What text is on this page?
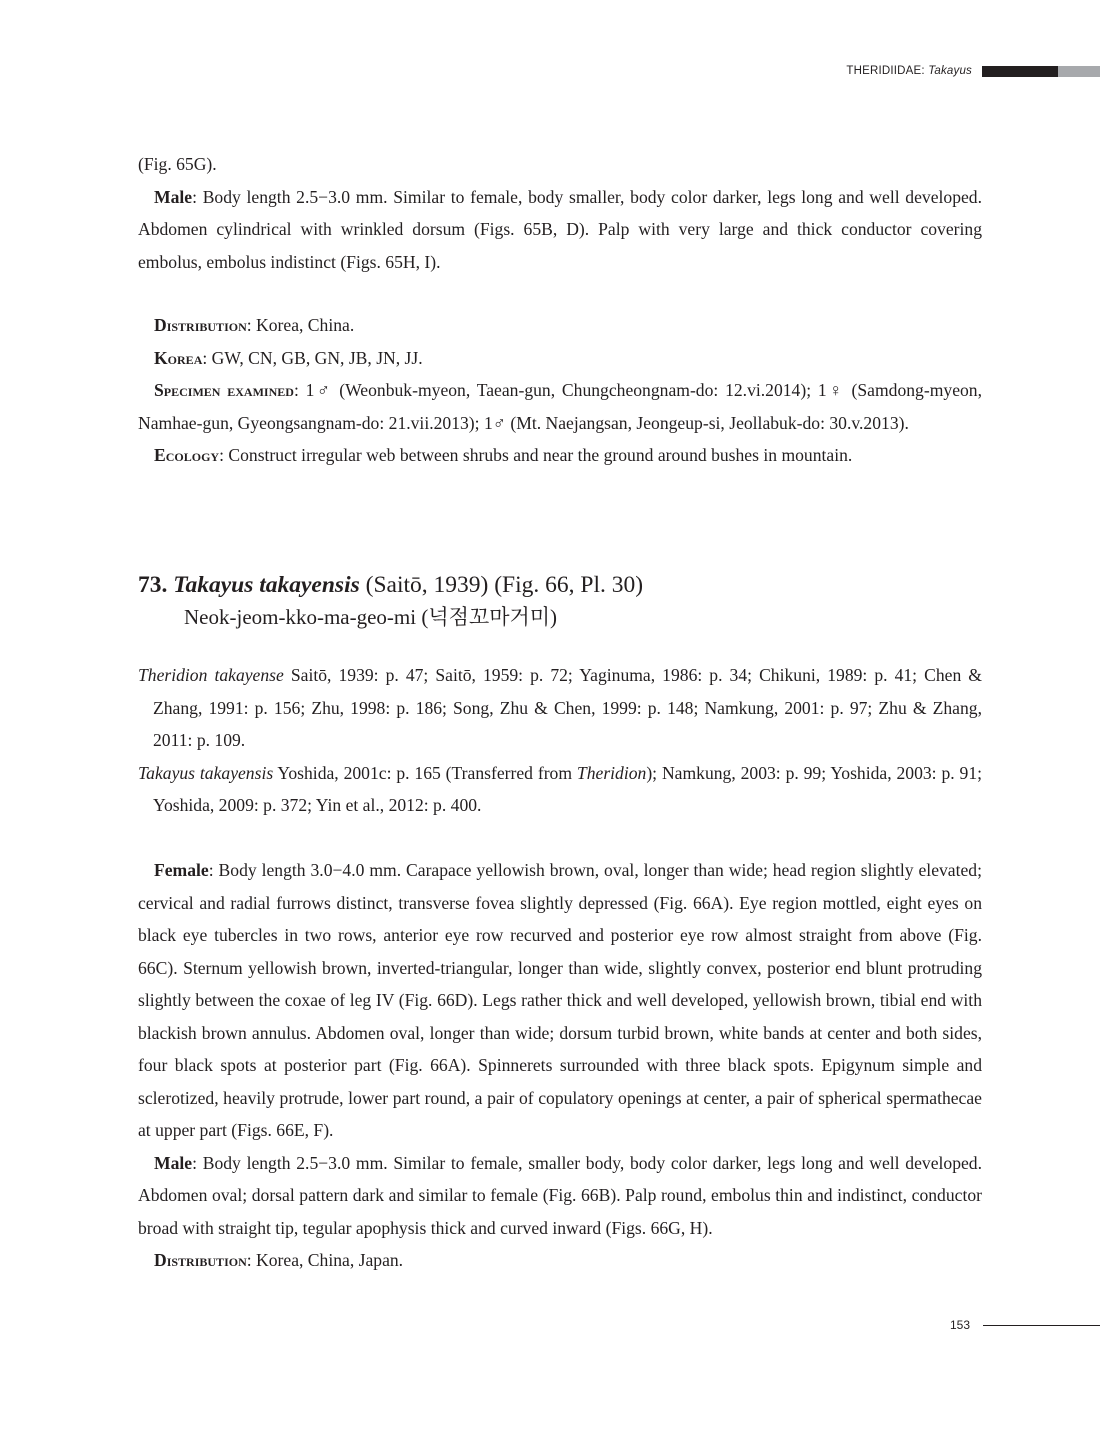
THERIDIIDAE: Takayus

(Fig. 65G).

Male: Body length 2.5−3.0 mm. Similar to female, body smaller, body color darker, legs long and well developed. Abdomen cylindrical with wrinkled dorsum (Figs. 65B, D). Palp with very large and thick conductor covering embolus, embolus indistinct (Figs. 65H, I).

Distribution: Korea, China.

Korea: GW, CN, GB, GN, JB, JN, JJ.

Specimen examined: 1♂ (Weonbuk-myeon, Taean-gun, Chungcheongnam-do: 12.vi.2014); 1♀ (Samdong-myeon, Namhae-gun, Gyeongsangnam-do: 21.vii.2013); 1♂ (Mt. Naejangsan, Jeongeup-si, Jeollabuk-do: 30.v.2013).

Ecology: Construct irregular web between shrubs and near the ground around bushes in mountain.

73. Takayus takayensis (Saitō, 1939) (Fig. 66, Pl. 30)

Neok-jeom-kko-ma-geo-mi (넉점꼬마거미)

Theridion takayense Saitō, 1939: p. 47; Saitō, 1959: p. 72; Yaginuma, 1986: p. 34; Chikuni, 1989: p. 41; Chen & Zhang, 1991: p. 156; Zhu, 1998: p. 186; Song, Zhu & Chen, 1999: p. 148; Namkung, 2001: p. 97; Zhu & Zhang, 2011: p. 109.

Takayus takayensis Yoshida, 2001c: p. 165 (Transferred from Theridion); Namkung, 2003: p. 99; Yoshida, 2003: p. 91; Yoshida, 2009: p. 372; Yin et al., 2012: p. 400.

Female: Body length 3.0−4.0 mm. Carapace yellowish brown, oval, longer than wide; head region slightly elevated; cervical and radial furrows distinct, transverse fovea slightly depressed (Fig. 66A). Eye region mottled, eight eyes on black eye tubercles in two rows, anterior eye row recurved and posterior eye row almost straight from above (Fig. 66C). Sternum yellowish brown, inverted-triangular, longer than wide, slightly convex, posterior end blunt protruding slightly between the coxae of leg IV (Fig. 66D). Legs rather thick and well developed, yellowish brown, tibial end with blackish brown annulus. Abdomen oval, longer than wide; dorsum turbid brown, white bands at center and both sides, four black spots at posterior part (Fig. 66A). Spinnerets surrounded with three black spots. Epigynum simple and sclerotized, heavily protrude, lower part round, a pair of copulatory openings at center, a pair of spherical spermathecae at upper part (Figs. 66E, F).

Male: Body length 2.5−3.0 mm. Similar to female, smaller body, body color darker, legs long and well developed. Abdomen oval; dorsal pattern dark and similar to female (Fig. 66B). Palp round, embolus thin and indistinct, conductor broad with straight tip, tegular apophysis thick and curved inward (Figs. 66G, H).

Distribution: Korea, China, Japan.

153
